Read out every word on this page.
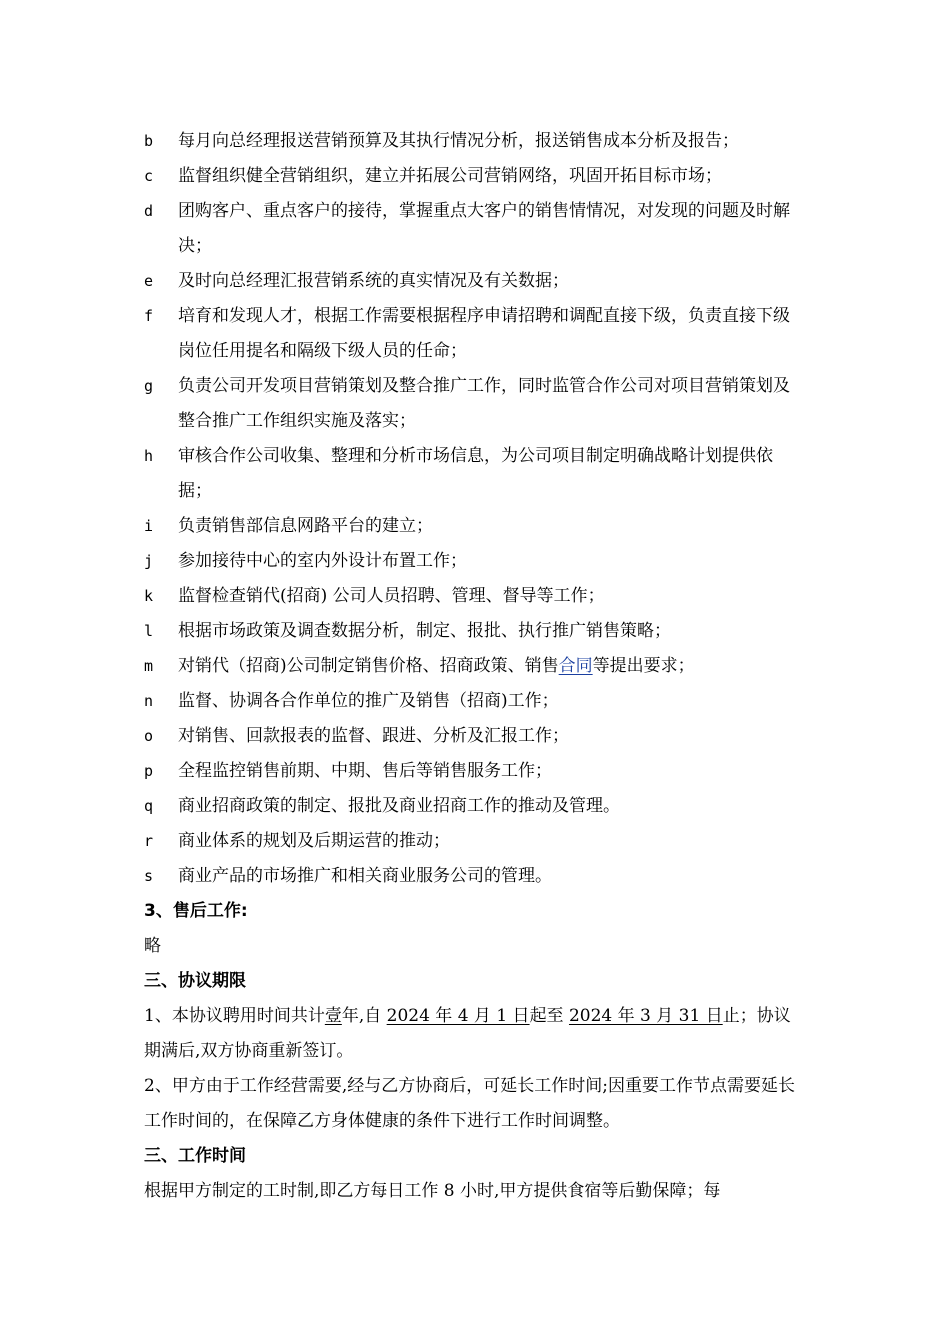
b 每月向总经理报送营销预算及其执行情况分析，报送销售成本分析及报告；
c 监督组织健全营销组织，建立并拓展公司营销网络，巩固开拓目标市场；
d 团购客户、重点客户的接待，掌握重点大客户的销售情情况，对发现的问题及时解决；
e 及时向总经理汇报营销系统的真实情况及有关数据；
f 培育和发现人才，根据工作需要根据程序申请招聘和调配直接下级，负责直接下级岗位任用提名和隔级下级人员的任命；
g 负责公司开发项目营销策划及整合推广工作，同时监管合作公司对项目营销策划及整合推广工作组织实施及落实；
h 审核合作公司收集、整理和分析市场信息，为公司项目制定明确战略计划提供依据；
i 负责销售部信息网路平台的建立；
j 参加接待中心的室内外设计布置工作；
k 监督检查销代(招商) 公司人员招聘、管理、督导等工作；
l 根据市场政策及调查数据分析，制定、报批、执行推广销售策略；
m 对销代（招商)公司制定销售价格、招商政策、销售合同等提出要求；
n 监督、协调各合作单位的推广及销售（招商)工作；
o 对销售、回款报表的监督、跟进、分析及汇报工作；
p 全程监控销售前期、中期、售后等销售服务工作；
q 商业招商政策的制定、报批及商业招商工作的推动及管理。
r 商业体系的规划及后期运营的推动；
s 商业产品的市场推广和相关商业服务公司的管理。
3、售后工作:
略
三、协议期限
1、本协议聘用时间共计壹年,自 2024 年 4 月 1 日起至 2024 年 3 月 31 日止；协议期满后,双方协商重新签订。
2、甲方由于工作经营需要,经与乙方协商后，可延长工作时间;因重要工作节点需要延长工作时间的，在保障乙方身体健康的条件下进行工作时间调整。
三、工作时间
根据甲方制定的工时制,即乙方每日工作 8 小时,甲方提供食宿等后勤保障；每
